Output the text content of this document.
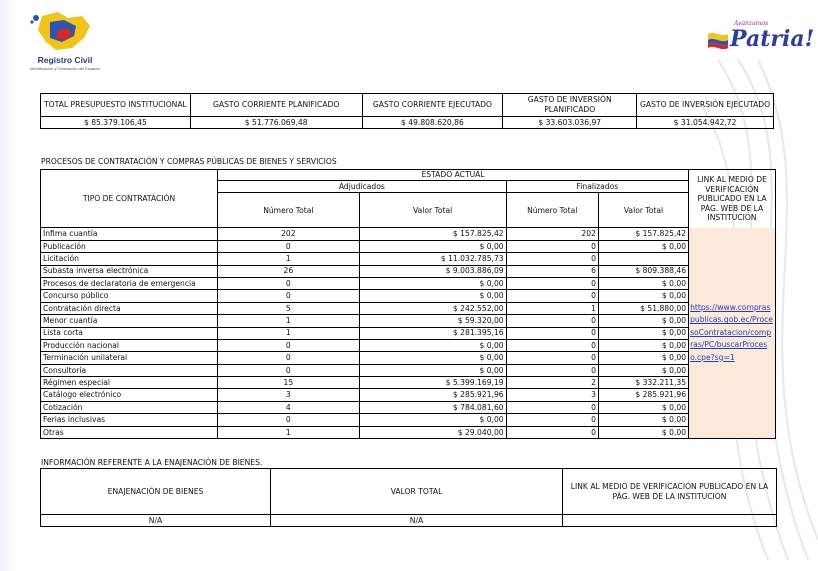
Registro Civil
Identificación y Cedulación del Ecuador
Avanzamos
Patria!
TOTAL PRESUPUESTO INSTITUCIONAL	GASTO CORRIENTE PLANIFICADO	GASTO CORRIENTE EJECUTADO	GASTO DE INVERSIÓN PLANIFICADO	GASTO DE INVERSIÓN EJECUTADO
$ 85.379.106,45	$ 51.776.069,48	$ 49.808.620,86	$ 33.603.036,97	$ 31.054.942,72
PROCESOS DE CONTRATACIÓN Y COMPRAS PÚBLICAS DE BIENES Y SERVICIOS
TIPO DE CONTRATACIÓN	ESTADO ACTUAL				LINK AL MEDIO DE VERIFICACIÓN PUBLICADO EN LA PÁG. WEB DE LA INSTITUCIÓN
	Adjudicados		Finalizados		
	Número Total	Valor Total	Número Total	Valor Total	
Ínfima cuantía	202	$ 157.825,42	202	$ 157.825,42	https://www.compraspublicas.gob.ec/ProcesoContratacion/compras/PC/buscarProceso.cpe?sg=1

Publicación	0	$ 0,00	0	$ 0,00	
Licitación	1	$ 11.032.785,73	0		
Subasta inversa electrónica	26	$ 9.003.886,09	6	$ 809.388,46	
Procesos de declaratoria de emergencia	0	$ 0,00	0	$ 0,00	
Concurso público	0	$ 0,00	0	$ 0,00	
Contratación directa	5	$ 242.552,00	1	$ 51.880,00	
Menor cuantía	1	$ 59.320,00	0	$ 0,00	
Lista corta	1	$ 281.395,16	0	$ 0,00	
Producción nacional	0	$ 0,00	0	$ 0,00	
Terminación unilateral	0	$ 0,00	0	$ 0,00	
Consultoría	0	$ 0,00	0	$ 0,00	
Régimen especial	15	$ 5.399.169,19	2	$ 332.211,35	
Catálogo electrónico	3	$ 285.921,96	3	$ 285.921,96	
Cotización	4	$ 784.081,60	0	$ 0,00	
Ferias inclusivas	0	$ 0,00	0	$ 0,00	
Otras	1	$ 29.040,00	0	$ 0,00	
INFORMACIÓN REFERENTE A LA ENAJENACIÓN DE BIENES.
ENAJENACIÓN DE BIENES	VALOR TOTAL	LINK AL MEDIO DE VERIFICACIÓN PUBLICADO EN LA PÁG. WEB DE LA INSTITUCIÓN
N/A	N/A	
